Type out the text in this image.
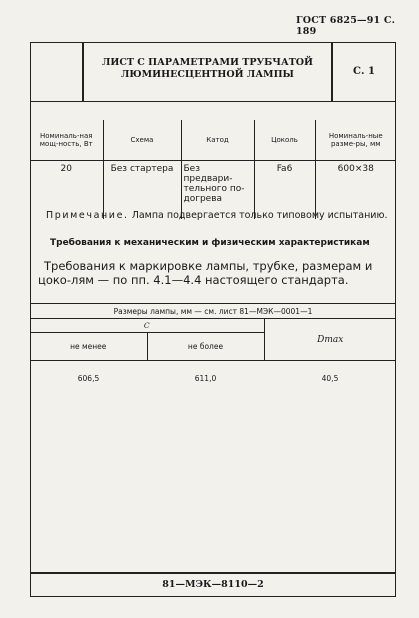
ГОСТ 6825—91 С. 189
ЛИСТ С ПАРАМЕТРАМИ ТРУБЧАТОЙ
ЛЮМИНЕСЦЕНТНОЙ ЛАМПЫ	С. 1
Номиналь-ная мощ-ность, Вт	Схема	Катод	Цоколь	Номиналь-ные разме-ры, мм
20	Без стартера	Без предвари-тельного по-догрева	Fa6	600×38
Примечание. Лампа подвергается только типовому испытанию.
Требования к механическим и физическим характеристикам
Требования к маркировке лампы, трубке, размерам и цоко-лям — по пп. 4.1—4.4 настоящего стандарта.
Размеры лампы, мм — см. лист 81—МЭК—0001—1		
C		Dmax
не менее	не более	
606,5	611,0	40,5
81—МЭК—8110—2
